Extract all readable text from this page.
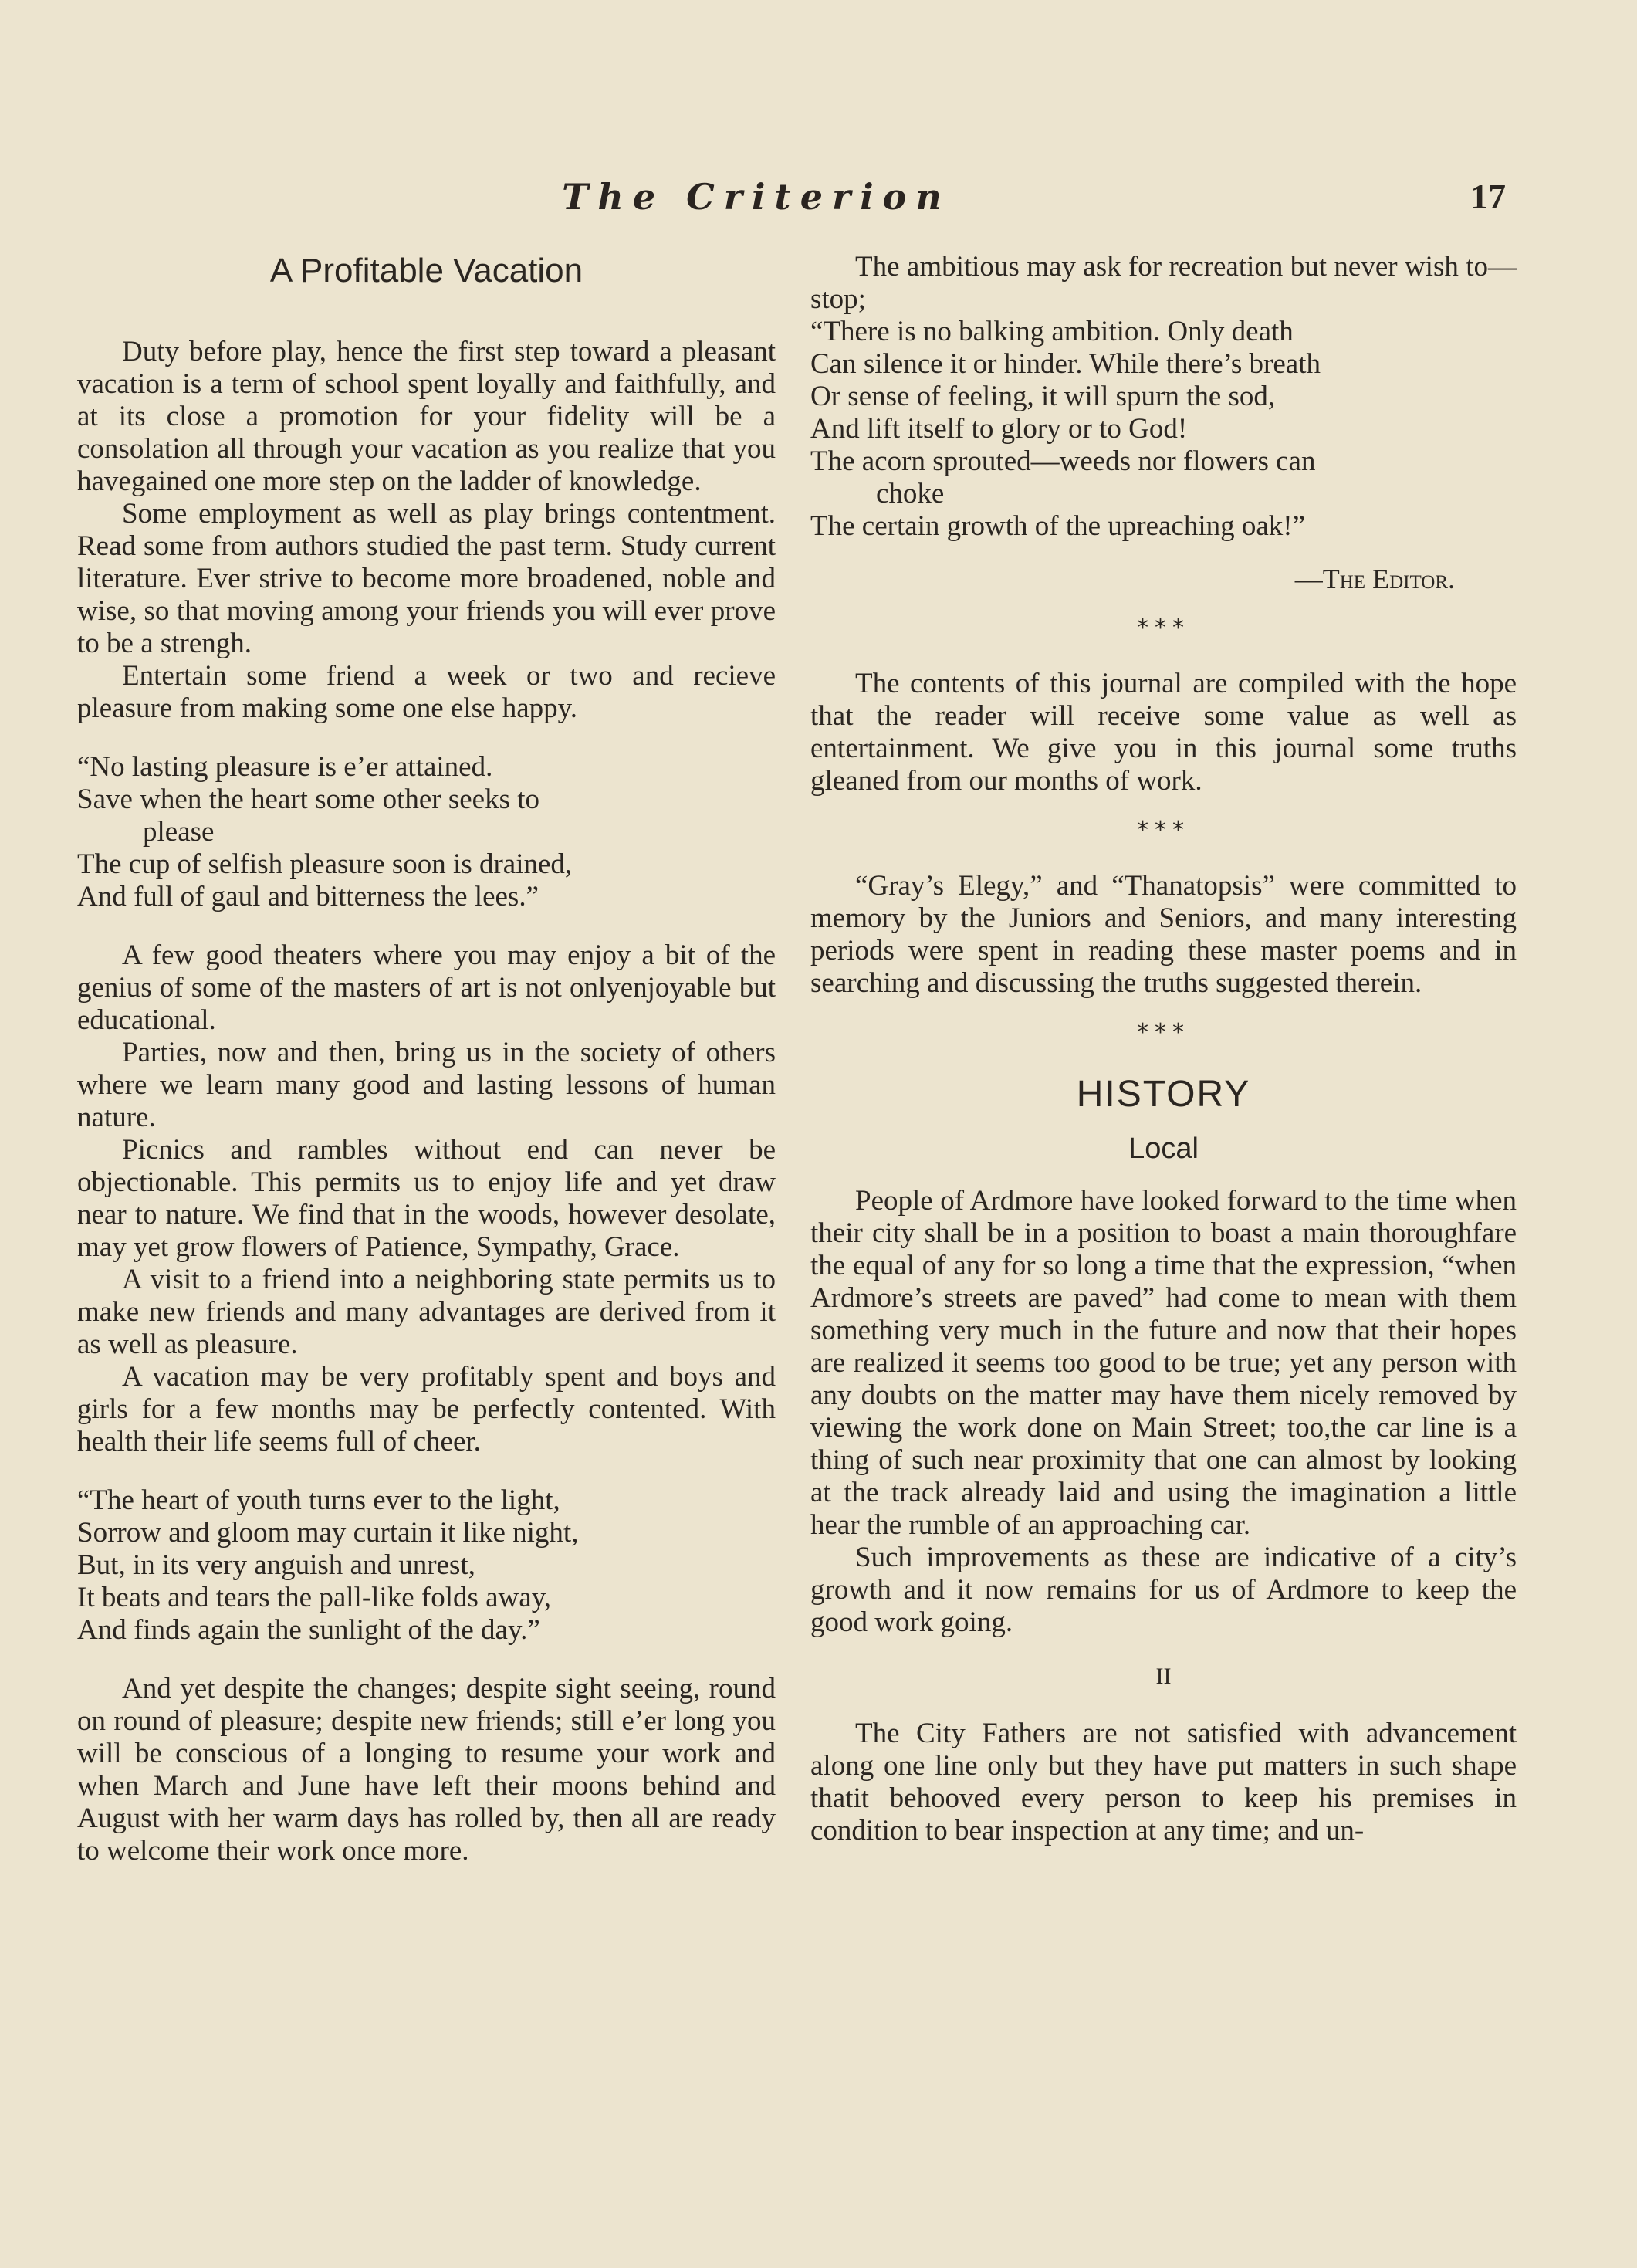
The Criterion	17
A Profitable Vacation

Duty before play, hence the first step toward a pleasant vacation is a term of school spent loyally and faithfully, and at its close a promotion for your fidelity will be a consolation all through your vacation as you realize that you havegained one more step on the ladder of knowledge.

Some employment as well as play brings contentment. Read some from authors studied the past term. Study current literature. Ever strive to become more broadened, noble and wise, so that moving among your friends you will ever prove to be a strengh.

Entertain some friend a week or two and recieve pleasure from making some one else happy.

“No lasting pleasure is e’er attained.
Save when the heart some other seeks to
please
The cup of selfish pleasure soon is drained,
And full of gaul and bitterness the lees.”

A few good theaters where you may enjoy a bit of the genius of some of the masters of art is not onlyenjoyable but educational.

Parties, now and then, bring us in the society of others where we learn many good and lasting lessons of human nature.

Picnics and rambles without end can never be objectionable. This permits us to enjoy life and yet draw near to nature. We find that in the woods, however desolate, may yet grow flowers of Patience, Sympathy, Grace.

A visit to a friend into a neighboring state permits us to make new friends and many advantages are derived from it as well as pleasure.

A vacation may be very profitably spent and boys and girls for a few months may be perfectly contented. With health their life seems full of cheer.

“The heart of youth turns ever to the light,
Sorrow and gloom may curtain it like night,
But, in its very anguish and unrest,
It beats and tears the pall-like folds away,
And finds again the sunlight of the day.”

And yet despite the changes; despite sight seeing, round on round of pleasure; despite new friends; still e’er long you will be conscious of a longing to resume your work and when March and June have left their moons behind and August with her warm days has rolled by, then all are ready to welcome their work once more.

The ambitious may ask for recreation but never wish to—stop;

“There is no balking ambition. Only death
Can silence it or hinder. While there’s breath
Or sense of feeling, it will spurn the sod,
And lift itself to glory or to God!
The acorn sprouted—weeds nor flowers can
choke
The certain growth of the upreaching oak!”
—The Editor.
***

The contents of this journal are compiled with the hope that the reader will receive some value as well as entertainment. We give you in this journal some truths gleaned from our months of work.

***

“Gray’s Elegy,” and “Thanatopsis” were committed to memory by the Juniors and Seniors, and many interesting periods were spent in reading these master poems and in searching and discussing the truths suggested therein.

***
HISTORY
Local

People of Ardmore have looked forward to the time when their city shall be in a position to boast a main thoroughfare the equal of any for so long a time that the expression, “when Ardmore’s streets are paved” had come to mean with them something very much in the future and now that their hopes are realized it seems too good to be true; yet any person with any doubts on the matter may have them nicely removed by viewing the work done on Main Street; too,the car line is a thing of such near proximity that one can almost by looking at the track already laid and using the imagination a little hear the rumble of an approaching car.

Such improvements as these are indicative of a city’s growth and it now remains for us of Ardmore to keep the good work going.

II

The City Fathers are not satisfied with advancement along one line only but they have put matters in such shape thatit behooved every person to keep his premises in condition to bear inspection at any time; and un-
